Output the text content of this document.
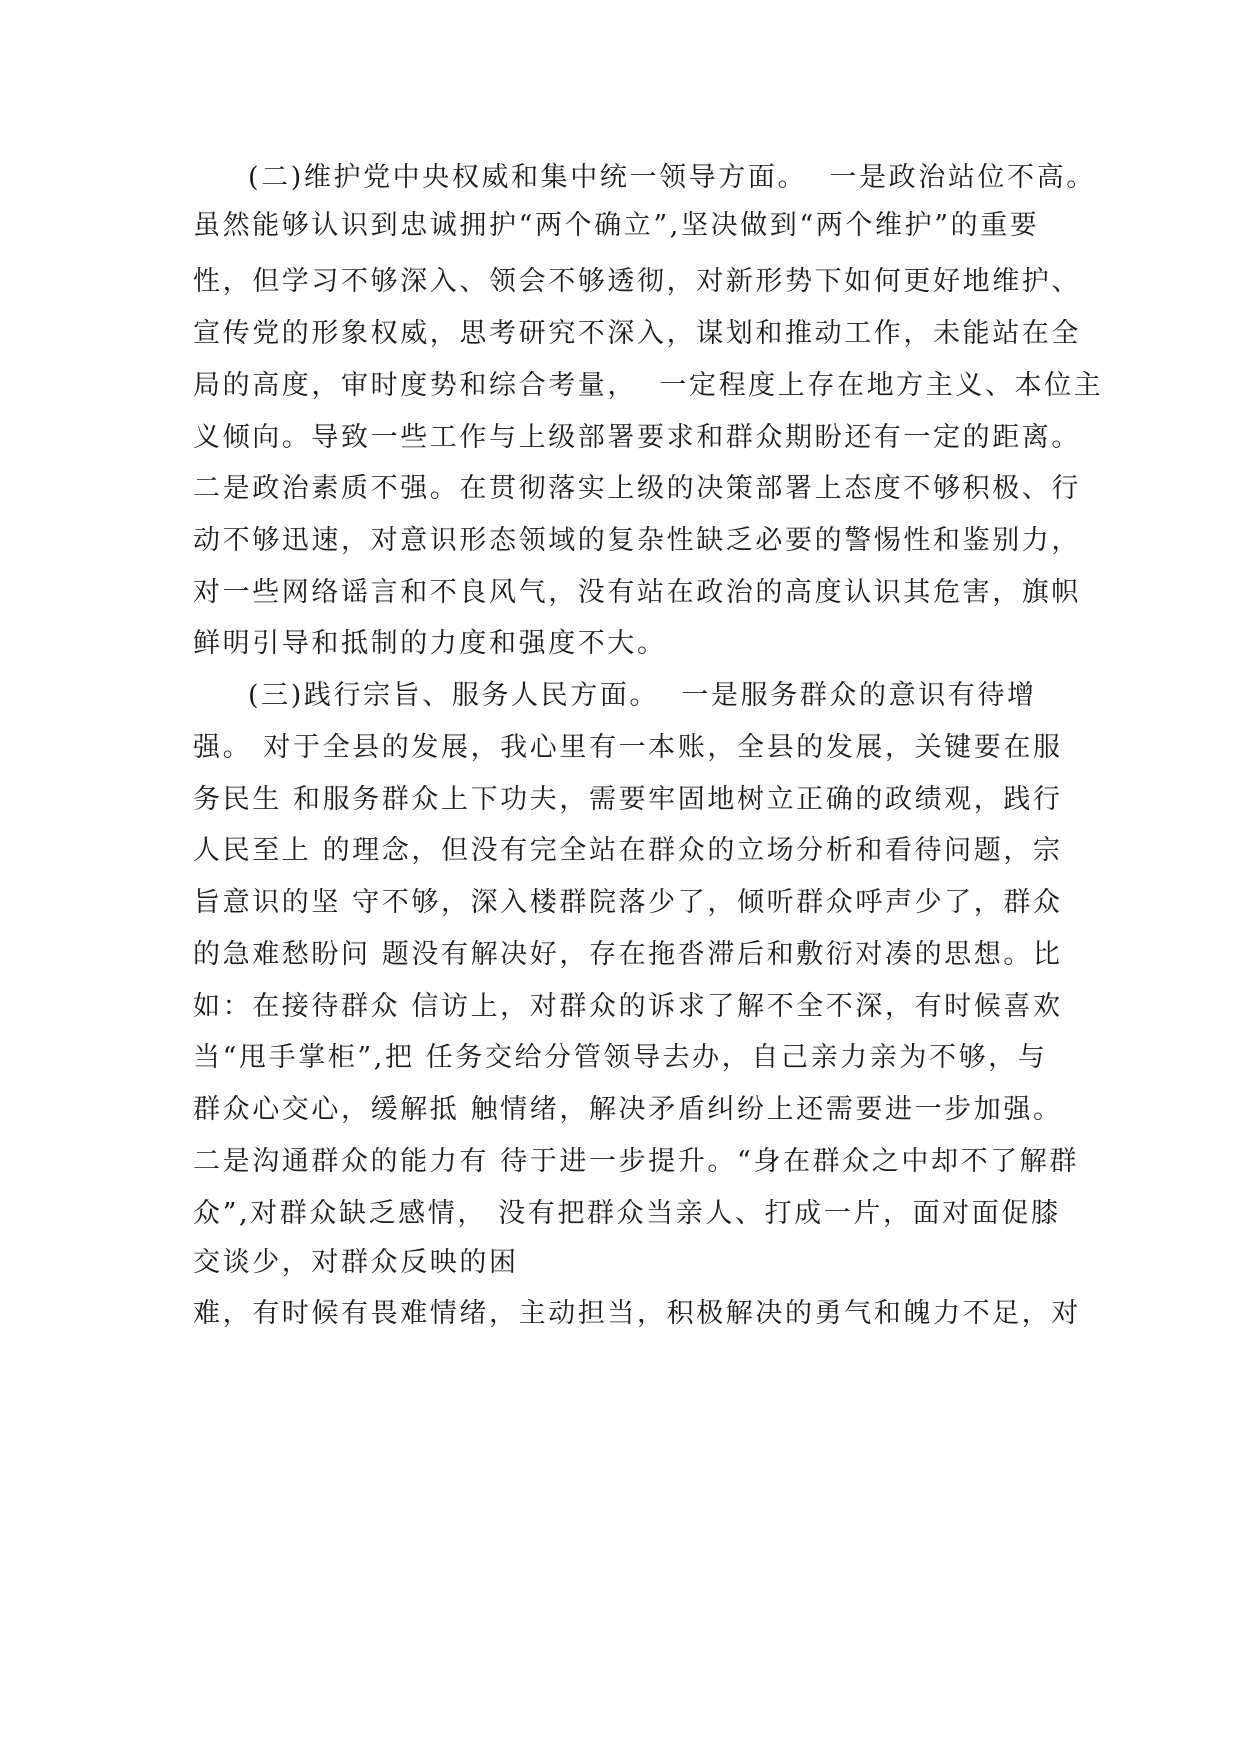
(二)维护党中央权威和集中统一领导方面。  一是政治站位不高。
虽然能够认识到忠诚拥护“两个确立”,坚决做到“两个维护”的重要
性，但学习不够深入、领会不够透彻，对新形势下如何更好地维护、
宣传党的形象权威，思考研究不深入，谋划和推动工作，未能站在全
局的高度，审时度势和综合考量，  一定程度上存在地方主义、本位主
义倾向。导致一些工作与上级部署要求和群众期盼还有一定的距离。
二是政治素质不强。在贯彻落实上级的决策部署上态度不够积极、行
动不够迅速，对意识形态领域的复杂性缺乏必要的警惕性和鉴别力，
对一些网络谣言和不良风气，没有站在政治的高度认识其危害，旗帜
鲜明引导和抵制的力度和强度不大。
(三)践行宗旨、服务人民方面。  一是服务群众的意识有待增
强。 对于全县的发展，我心里有一本账，全县的发展，关键要在服
务民生 和服务群众上下功夫，需要牢固地树立正确的政绩观，践行
人民至上 的理念，但没有完全站在群众的立场分析和看待问题，宗
旨意识的坚 守不够，深入楼群院落少了，倾听群众呼声少了，群众
的急难愁盼问 题没有解决好，存在拖沓滞后和敷衍对凑的思想。比
如：在接待群众 信访上，对群众的诉求了解不全不深，有时候喜欢
当“甩手掌柜”,把 任务交给分管领导去办，自己亲力亲为不够，与
群众心交心，缓解抵 触情绪，解决矛盾纠纷上还需要进一步加强。
二是沟通群众的能力有 待于进一步提升。“身在群众之中却不了解群
众”,对群众缺乏感情， 没有把群众当亲人、打成一片，面对面促膝
交谈少，对群众反映的困
难，有时候有畏难情绪，主动担当，积极解决的勇气和魄力不足，对
